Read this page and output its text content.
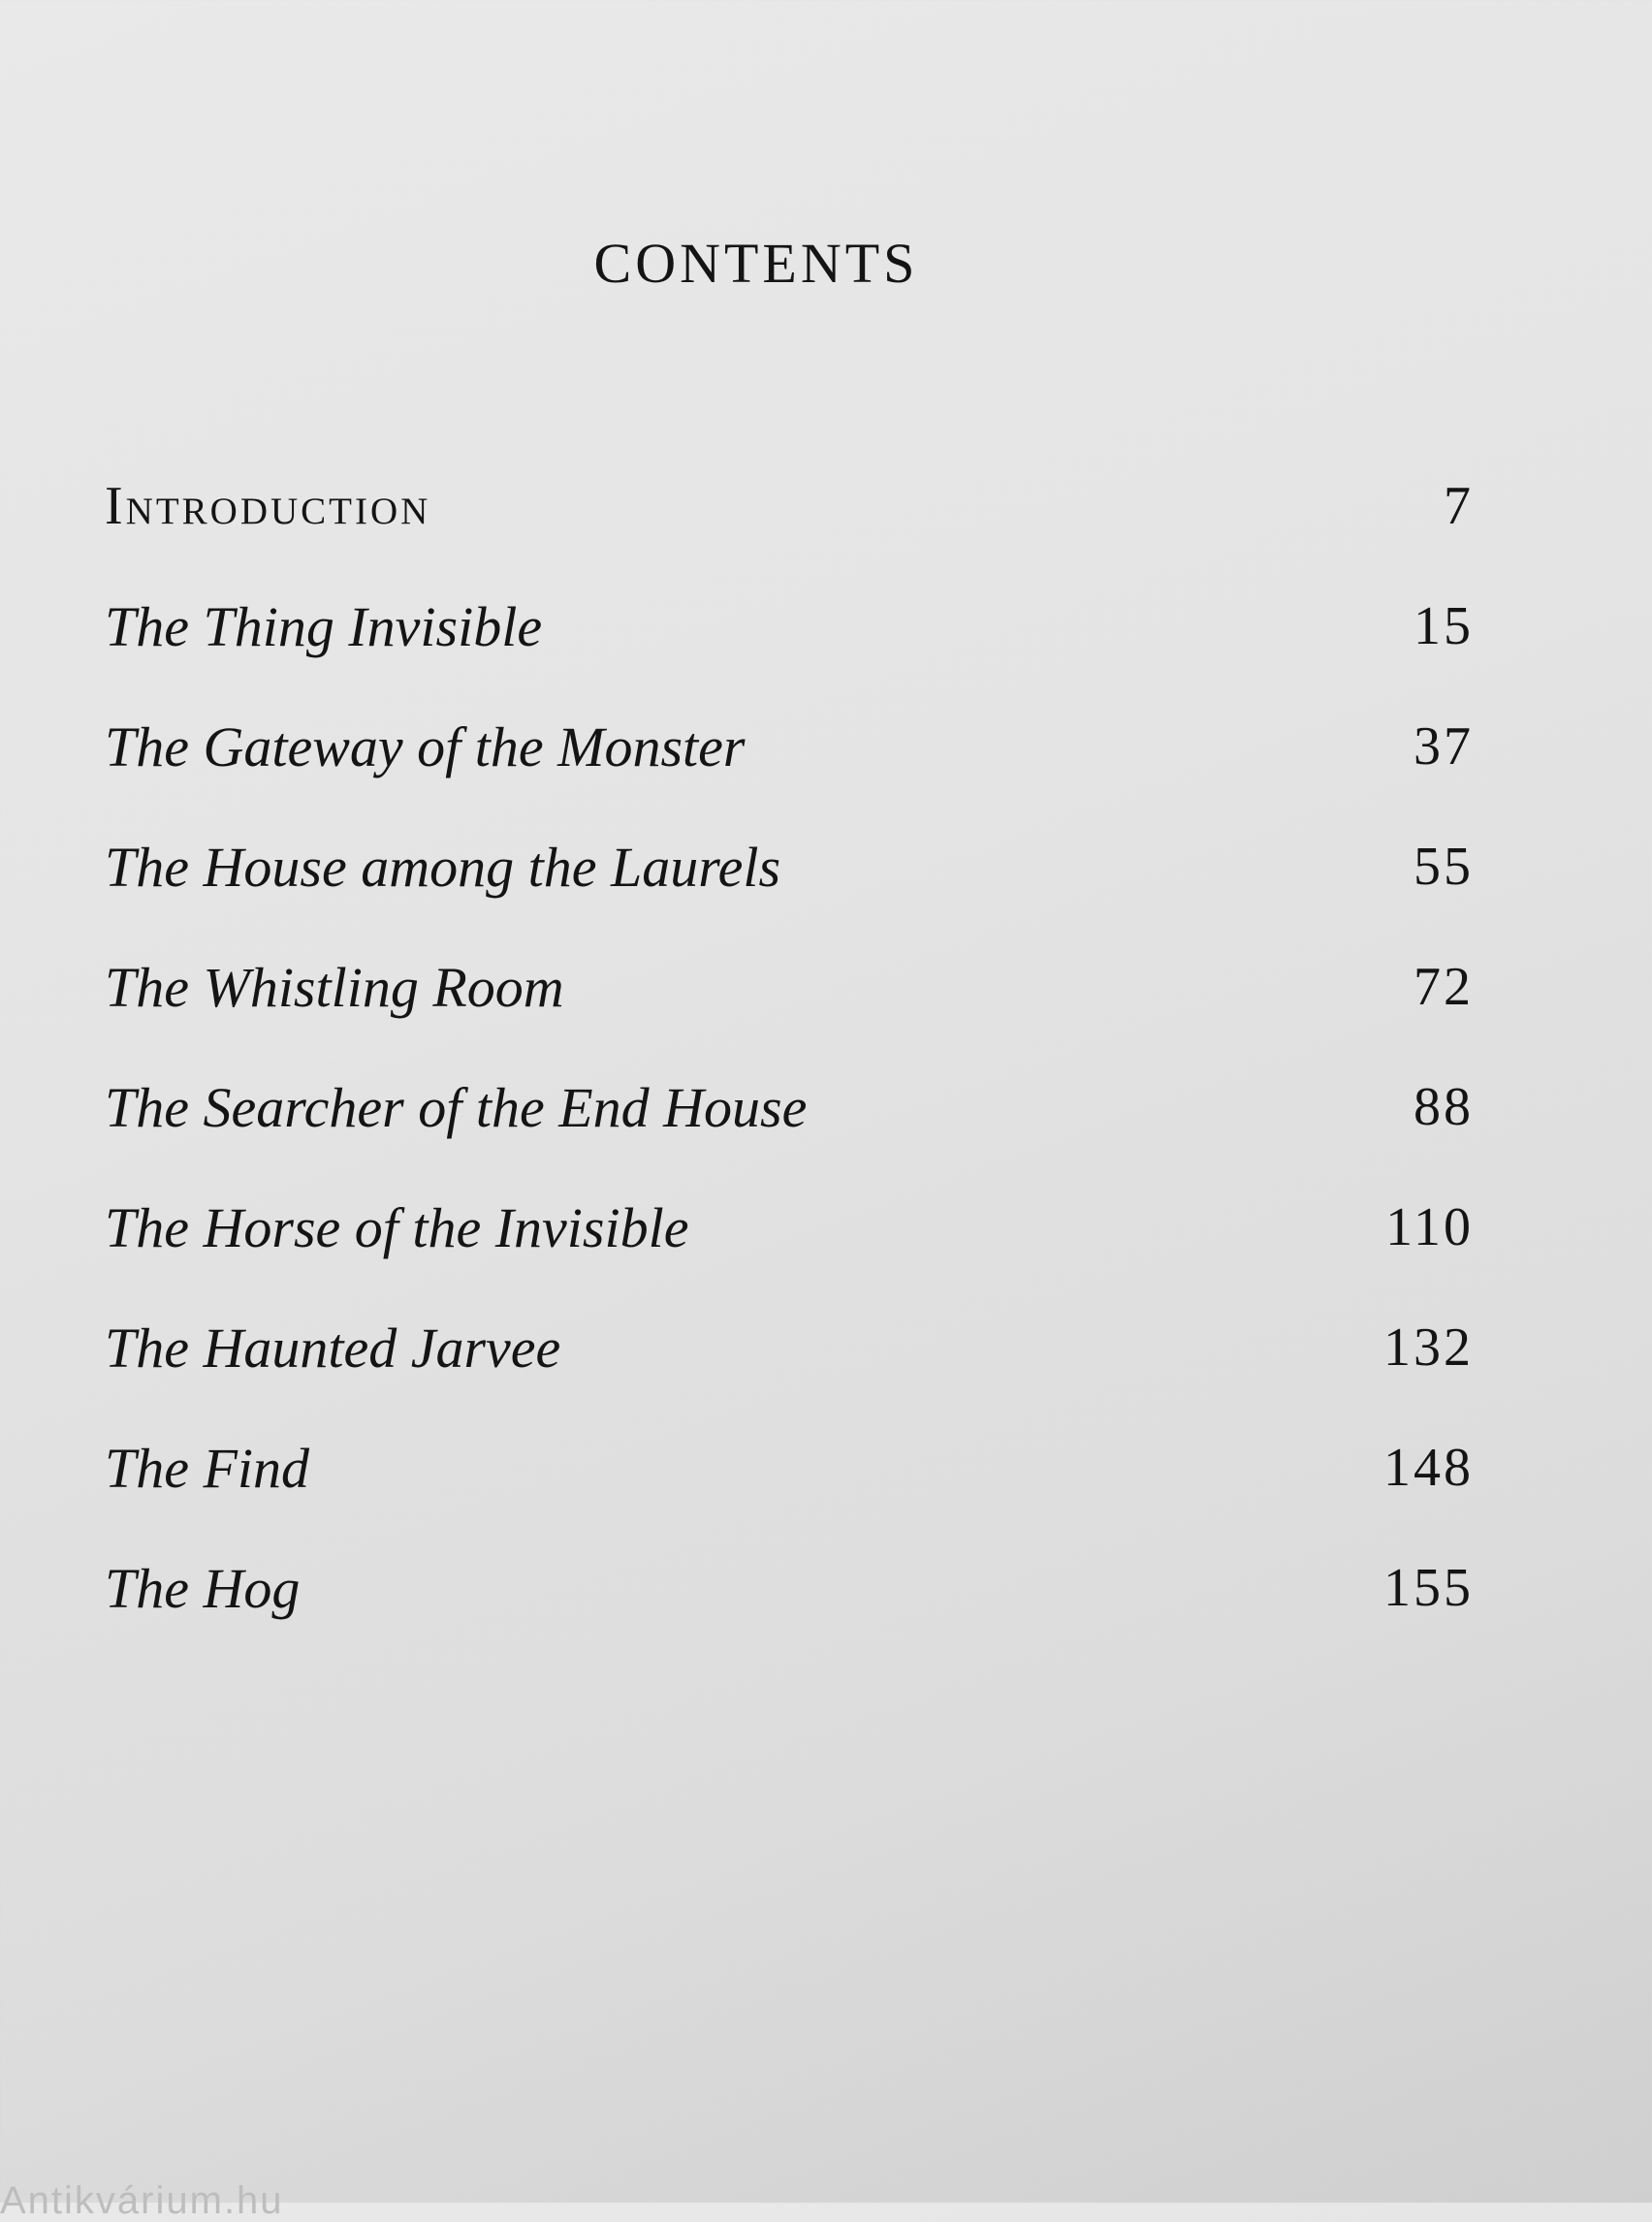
CONTENTS
Introduction	7
The Thing Invisible	15
The Gateway of the Monster	37
The House among the Laurels	55
The Whistling Room	72
The Searcher of the End House	88
The Horse of the Invisible	110
The Haunted Jarvee	132
The Find	148
The Hog	155
Antikvárium.hu
